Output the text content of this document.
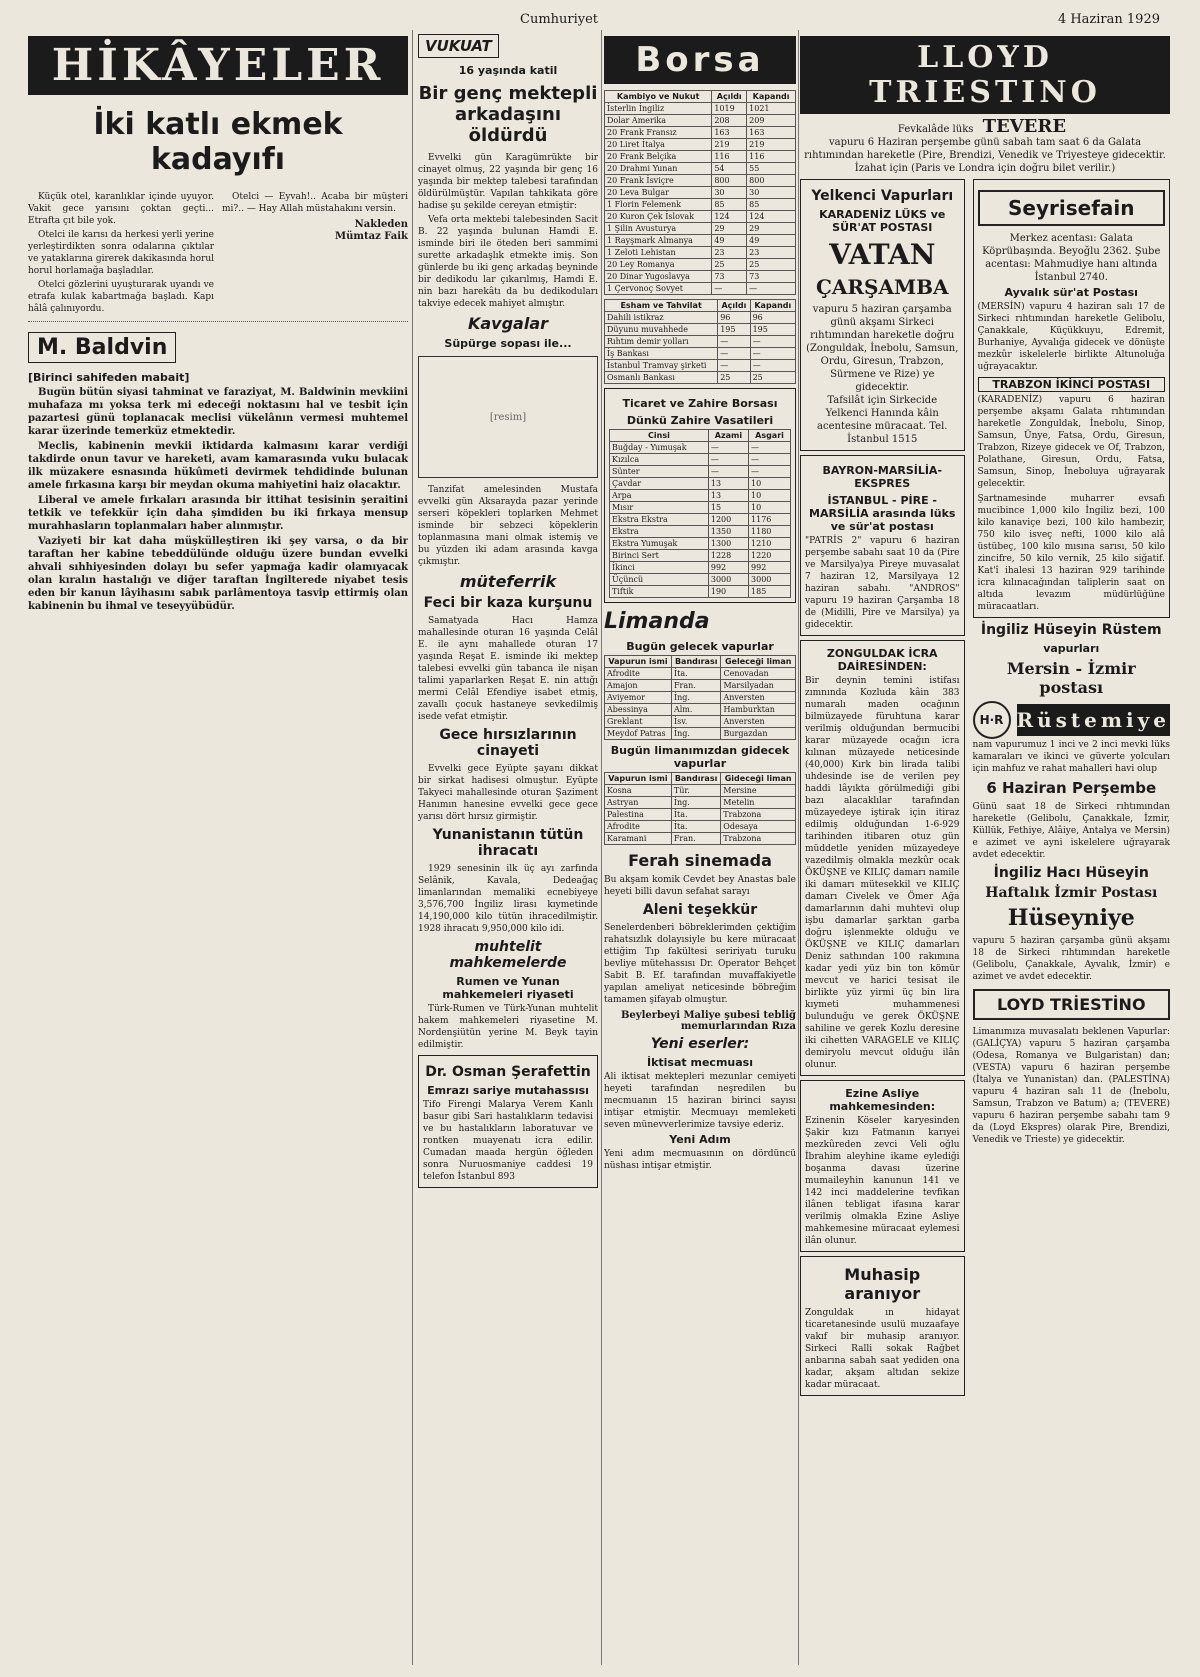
Cumhuriyet	4 Haziran 1929
HİKÂYELER
İki katlı ekmek kadayıfı

Küçük otel, karanlıklar içinde uyuyor. Vakit gece yarısını çoktan geçti... Etrafta çıt bile yok.

Otelci ile karısı da herkesi yerli yerine yerleştirdikten sonra odalarına çıktılar ve yataklarına girerek dakikasında horul horul horlamağa başladılar.

Otelci gözlerini uyuşturarak uyandı ve etrafa kulak kabartmağa başladı. Kapı hâlâ çalınıyordu.

Otelci — Eyvah!.. Acaba bir müşteri mi?.. — Hay Allah müstahakını versin.

Nakleden
Mümtaz Faik
M. Baldvin
[Birinci sahifeden mabait]

Bugün bütün siyasi tahminat ve faraziyat, M. Baldwinin mevkiini muhafaza mı yoksa terk mi edeceği noktasını hal ve tesbit için pazartesi günü toplanacak meclisi vükelânın vermesi muhtemel karar üzerinde temerküz etmektedir.

Meclis, kabinenin mevkii iktidarda kalmasını karar verdiği takdirde onun tavur ve hareketi, avam kamarasında vuku bulacak ilk müzakere esnasında hükûmeti devirmek tehdidinde bulunan amele fırkasına karşı bir meydan okuma mahiyetini haiz olacaktır.

Liberal ve amele fırkaları arasında bir ittihat tesisinin şeraitini tetkik ve tefekkür için daha şimdiden bu iki fırkaya mensup murahhasların toplanmaları haber alınmıştır.

Vaziyeti bir kat daha müşkülleştiren iki şey varsa, o da bir taraftan her kabine tebeddülünde olduğu üzere bundan evvelki ahvali sıhhiyesinden dolayı bu sefer yapmağa kadir olamıyacak olan kıralın hastalığı ve diğer taraftan İngilterede niyabet tesis eden bir kanun lâyihasını sabık parlâmentoya tasvip ettirmiş olan kabinenin bu ihmal ve teseyyübüdür.

VUKUAT
16 yaşında katil
Bir genç mektepli arkadaşını öldürdü

Evvelki gün Karagümrükte bir cinayet olmuş, 22 yaşında bir genç 16 yaşında bir mektep talebesi tarafından öldürülmüştür. Vapılan tahkikata göre hadise şu şekilde cereyan etmiştir:

Vefa orta mektebi talebesinden Sacit B. 22 yaşında bulunan Hamdi E. isminde biri ile öteden beri sammimi surette arkadaşlık etmekte imiş. Son günlerde bu iki genç arkadaş beyninde bir dedikodu lar çıkarılmış, Hamdi E. nin bazı harekâtı da bu dedikoduları takviye edecek mahiyet almıştır.

Kavgalar
Süpürge sopası ile...
[resim]

Tanzifat amelesinden Mustafa evvelki gün Aksarayda pazar yerinde serseri köpekleri toplarken Mehmet isminde bir sebzeci köpeklerin toplanmasına mani olmak istemiş ve bu yüzden iki adam arasında kavga çıkmıştır.

müteferrik
Feci bir kaza kurşunu

Samatyada Hacı Hamza mahallesinde oturan 16 yaşında Celâl E. ile aynı mahallede oturan 17 yaşında Reşat E. isminde iki mektep talebesi evvelki gün tabanca ile nişan talimi yaparlarken Reşat E. nin attığı mermi Celâl Efendiye isabet etmiş, zavallı çocuk hastaneye sevkedilmiş isede vefat etmiştir.

Gece hırsızlarının cinayeti

Evvelki gece Eyüpte şayanı dikkat bir sirkat hadisesi olmuştur. Eyüpte Takyeci mahallesinde oturan Şaziment Hanımın hanesine evvelki gece gece yarısı dört hırsız girmiştir.

Yunanistanın tütün ihracatı

1929 senesinin ilk üç ayı zarfında Selânik, Kavala, Dedeağaç limanlarından memaliki ecnebiyeye 3,576,700 İngiliz lirası kıymetinde 14,190,000 kilo tütün ihracedilmiştir. 1928 ihracatı 9,950,000 kilo idi.

muhtelit mahkemelerde
Rumen ve Yunan mahkemeleri riyaseti

Türk-Rumen ve Türk-Yunan muhtelit hakem mahkemeleri riyasetine M. Nordenşiütün yerine M. Beyk tayin edilmiştir.

Dr. Osman Şerafettin
Emrazı sariye mutahassısı
Tifo Firengi Malarya Verem Kanlı basur gibi Sari hastalıkların tedavisi ve bu hastalıkların laboratuvar ve rontken muayenatı icra edilir. Cumadan maada hergün öğleden sonra Nuruosmaniye caddesi 19 telefon İstanbul 893
Borsa
Kambiyo ve Nukut	Açıldı	Kapandı
İsterlin İngiliz	1019	1021
Dolar Amerika	208	209
20 Frank Fransız	163	163
20 Liret İtalya	219	219
20 Frank Belçika	116	116
20 Drahmi Yunan	54	55
20 Frank İsviçre	800	800
20 Leva Bulgar	30	30
1 Florin Felemenk	85	85
20 Kuron Çek İslovak	124	124
1 Şilin Avusturya	29	29
1 Rayşmark Almanya	49	49
1 Zeloti Lehistan	23	23
20 Ley Romanya	25	25
20 Dinar Yugoslavya	73	73
1 Çervonoç Sovyet	—	—
Esham ve Tahvilat	Açıldı	Kapandı
Dahili istikraz	96	96
Düyunu muvahhede	195	195
Rıhtım demir yolları	—	—
İş Bankası	—	—
İstanbul Tramvay şirketi	—	—
Osmanlı Bankası	25	25
Ticaret ve Zahire Borsası
Dünkü Zahire Vasatileri
Cinsi	Azami	Asgari
Buğday - Yumuşak	—	—
Kızılca	—	—
Sünter	—	—
Çavdar	13	10
Arpa	13	10
Mısır	15	10
Ekstra Ekstra	1200	1176
Ekstra	1350	1180
Ekstra Yumuşak	1300	1210
Birinci Sert	1228	1220
İkinci	992	992
Üçüncü	3000	3000
Tiftik	190	185
Limanda
Bugün gelecek vapurlar
Vapurun ismi	Bandırası	Geleceği liman
Afrodite	İta.	Cenovadan
Amajon	Fran.	Marsilyadan
Aviyemor	İng.	Anversten
Abessinya	Alm.	Hamburktan
Greklant	İsv.	Anversten
Meydof Patras	İng.	Burgazdan
Bugün limanımızdan gidecek vapurlar
Vapurun ismi	Bandırası	Gideceği liman
Kosna	Tür.	Mersine
Astryan	İng.	Metelin
Palestina	İta.	Trabzona
Afrodite	İta.	Odesaya
Karamani	Fran.	Trabzona
Ferah sinemada
Bu akşam komik Cevdet bey Anastas bale heyeti billi davun sefahat sarayı
Aleni teşekkür
Senelerdenberi böbreklerimden çektiğim rahatsızlık dolayısiyle bu kere müracaat ettiğim Tıp fakültesi seririyatı turuku bevliye mütehassısı Dr. Operator Behçet Sabit B. Ef. tarafından muvaffakiyetle yapılan ameliyat neticesinde böbreğim tamamen şifayab olmuştur.
Beylerbeyi Maliye şubesi tebliğ memurlarından Rıza
Yeni eserler:
İktisat mecmuası
Ali iktisat mektepleri mezunlar cemiyeti heyeti tarafından neşredilen bu mecmuanın 15 haziran birinci sayısı intişar etmiştir. Mecmuayı memleketi seven münevverlerimize tavsiye ederiz.
Yeni Adım
Yeni adım mecmuasının on dördüncü nüshası intişar etmiştir.
LLOYD TRIESTINO
Fevkalâde lüks TEVERE
vapuru 6 Haziran perşembe günü sabah tam saat 6 da Galata rıhtımından hareketle (Pire, Brendizi, Venedik ve Triyesteye gidecektir. İzahat için (Paris ve Londra için doğru bilet verilir.)
Yelkenci Vapurları
KARADENİZ LÜKS ve SÜR'AT POSTASI
VATAN
ÇARŞAMBA
vapuru 5 haziran çarşamba günü akşamı Sirkeci rıhtımından hareketle doğru (Zonguldak, İnebolu, Samsun, Ordu, Giresun, Trabzon, Sürmene ve Rize) ye gidecektir.
Tafsilât için Sirkecide Yelkenci Hanında kâin acentesine müracaat. Tel. İstanbul 1515
BAYRON-MARSİLİA-EKSPRES
İSTANBUL - PİRE - MARSİLİA arasında lüks ve sür'at postası
"PATRİS 2" vapuru 6 haziran perşembe sabahı saat 10 da (Pire ve Marsilya)ya Pireye muvasalat 7 haziran 12, Marsilyaya 12 haziran sabahı. "ANDROS" vapuru 19 haziran Çarşamba 18 de (Midilli, Pire ve Marsilya) ya gidecektir.
ZONGULDAK İCRA DAİRESİNDEN:
Bir deynin temini istifası zımnında Kozluda kâin 383 numaralı maden ocağının bilmüzayede füruhtuna karar verilmiş olduğundan bermucibi karar müzayede ocağın icra kılınan müzayede neticesinde (40,000) Kırk bin lirada talibi uhdesinde ise de verilen pey haddi lâyıkta görülmediği gibi bazı alacaklılar tarafından müzayedeye iştirak için itiraz edilmiş olduğundan 1-6-929 tarihinden itibaren otuz gün müddetle yeniden müzayedeye vazedilmiş olmakla mezkûr ocak ÖKÜŞNE ve KILIÇ damarı namile iki damarı mütesekkil ve KILIÇ damarı Civelek ve Ömer Ağa damarlarının dahi muhtevi olup işbu damarlar şarktan garba doğru işlenmekte olduğu ve ÖKÜŞNE ve KILIÇ damarları Deniz sathından 100 rakımına kadar yedi yüz bin ton kömür mevcut ve harici tesisat ile birlikte yüz yirmi üç bin lira kıymeti muhammenesi bulunduğu ve gerek ÖKÜŞNE sahiline ve gerek Kozlu deresine iki cihetten VARAGELE ve KILIÇ demiryolu mevcut olduğu ilân olunur.
Ezine Asliye mahkemesinden:
Ezinenin Köseler karyesinden Şakir kızı Fatmanın karıyei mezkûreden zevci Veli oğlu İbrahim aleyhine ikame eylediği boşanma davası üzerine mumaileyhin kanunun 141 ve 142 inci maddelerine tevfikan ilânen tebligat ifasına karar verilmiş olmakla Ezine Asliye mahkemesine müracaat eylemesi ilân olunur.
Muhasip aranıyor
Zonguldak ın hidayat ticaretanesinde usulü muzaafaye vakıf bir muhasip aranıyor. Sirkeci Ralli sokak Rağbet anbarına sabah saat yediden ona kadar, akşam altıdan sekize kadar müracaat.
Seyrisefain
Merkez acentası: Galata Köprübaşında. Beyoğlu 2362. Şube acentası: Mahmudiye hanı altında İstanbul 2740.
Ayvalık sür'at Postası
(MERSİN) vapuru 4 haziran salı 17 de Sirkeci rıhtımından hareketle Gelibolu, Çanakkale, Küçükkuyu, Edremit, Burhaniye, Ayvalığa gidecek ve dönüşte mezkûr iskelelerle birlikte Altunoluğa uğrayacaktır.
TRABZON İKİNCİ POSTASI
(KARADENİZ) vapuru 6 haziran perşembe akşamı Galata rıhtımından hareketle Zonguldak, İnebolu, Sinop, Samsun, Ünye, Fatsa, Ordu, Giresun, Trabzon, Rizeye gidecek ve Of, Trabzon, Polathane, Giresun, Ordu, Fatsa, Samsun, Sinop, İneboluya uğrayarak gelecektir.
Şartnamesinde muharrer evsafı mucibince 1,000 kilo İngiliz bezi, 100 kilo kanaviçe bezi, 100 kilo hambezir, 750 kilo isveç nefti, 1000 kilo alâ üstübeç, 100 kilo mısına sarısı, 50 kilo zincifre, 50 kilo vernik, 25 kilo siğatif. Kat'î ihalesi 13 haziran 929 tarihinde icra kılınacağından taliplerin saat on altıda levazım müdürlüğüne müracaatları.
İngiliz Hüseyin Rüstem
vapurları
Mersin - İzmir postası
H·R Rüstemiye
nam vapurumuz 1 inci ve 2 inci mevki lüks kamaraları ve ikinci ve güverte yolcuları için mahfuz ve rahat mahalleri havi olup
6 Haziran Perşembe
Günü saat 18 de Sirkeci rıhtımından hareketle (Gelibolu, Çanakkale, İzmir, Küllük, Fethiye, Alâiye, Antalya ve Mersin) e azimet ve ayni iskelelere uğrayarak avdet edecektir.
İngiliz Hacı Hüseyin
Haftalık İzmir Postası
Hüseyniye
vapuru 5 haziran çarşamba günü akşamı 18 de Sirkeci rıhtımından hareketle (Gelibolu, Çanakkale, Ayvalık, İzmir) e azimet ve avdet edecektir.
LOYD TRİESTİNO
Limanımıza muvasalatı beklenen Vapurlar: (GALİÇYA) vapuru 5 haziran çarşamba (Odesa, Romanya ve Bulgaristan) dan; (VESTA) vapuru 6 haziran perşembe (İtalya ve Yunanistan) dan. (PALESTİNA) vapuru 4 haziran salı 11 de (İnebolu, Samsun, Trabzon ve Batum) a; (TEVERE) vapuru 6 haziran perşembe sabahı tam 9 da (Loyd Ekspres) olarak Pire, Brendizi, Venedik ve Trieste) ye gidecektir.
